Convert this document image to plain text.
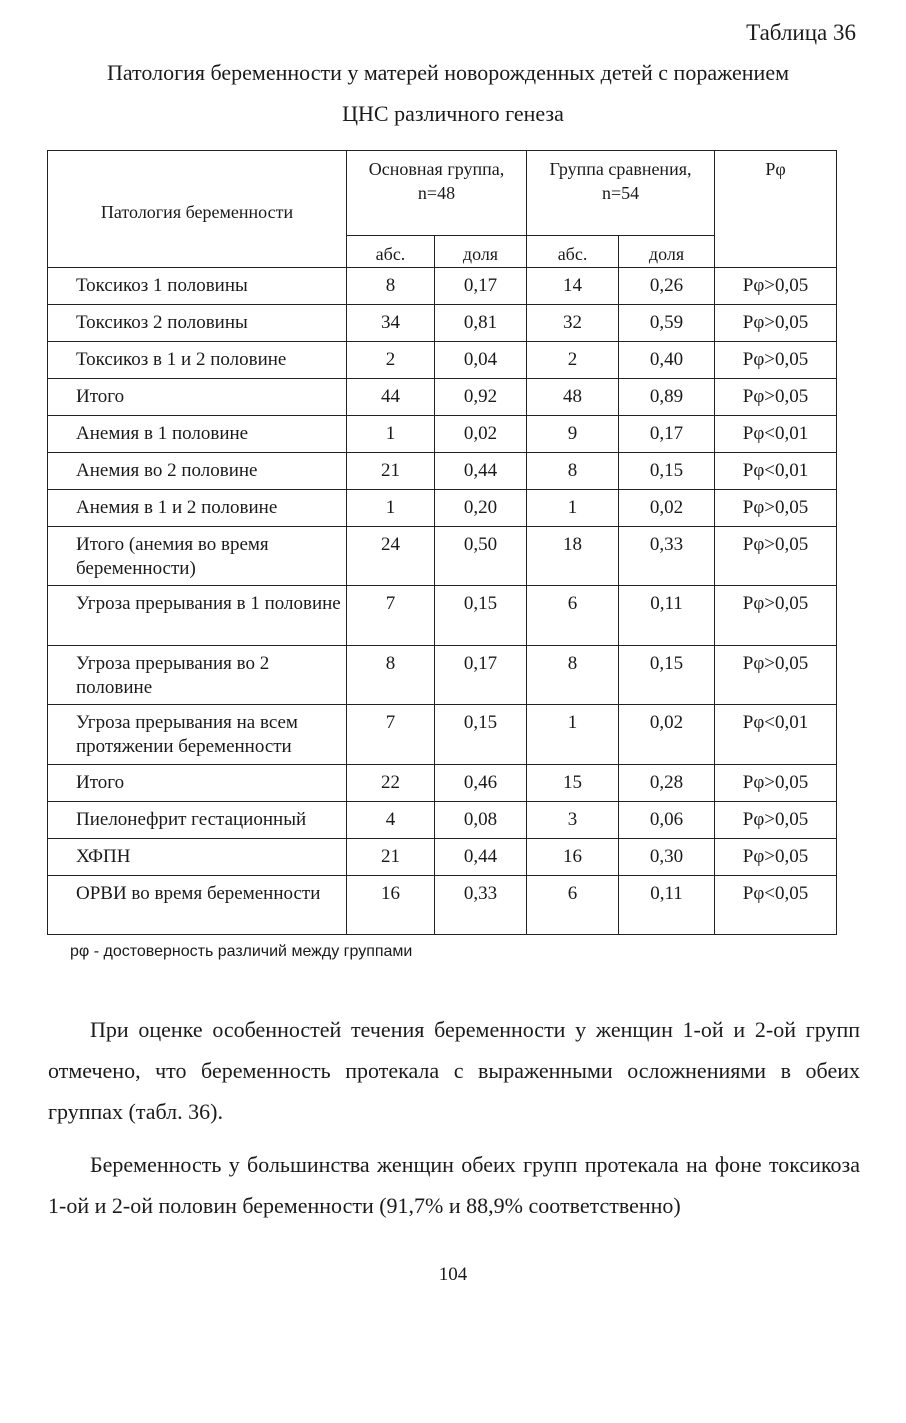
Таблица 36
Патология беременности у матерей новорожденных детей с поражением
ЦНС различного генеза
Патология беременности	Основная группа, n=48		Группа сравнения, n=54		Рφ
	абс.	доля	абс.	доля	
Токсикоз 1 половины	8	0,17	14	0,26	Рφ>0,05
Токсикоз 2 половины	34	0,81	32	0,59	Рφ>0,05
Токсикоз в 1 и 2 половине	2	0,04	2	0,40	Рφ>0,05
Итого	44	0,92	48	0,89	Рφ>0,05
Анемия в 1 половине	1	0,02	9	0,17	Рφ<0,01
Анемия во 2 половине	21	0,44	8	0,15	Рφ<0,01
Анемия в 1 и 2 половине	1	0,20	1	0,02	Рφ>0,05
Итого (анемия во время беременности)	24	0,50	18	0,33	Рφ>0,05
Угроза прерывания в 1 половине	7	0,15	6	0,11	Рφ>0,05
Угроза прерывания во 2 половине	8	0,17	8	0,15	Рφ>0,05
Угроза прерывания на всем протяжении беременности	7	0,15	1	0,02	Рφ<0,01
Итого	22	0,46	15	0,28	Рφ>0,05
Пиелонефрит гестационный	4	0,08	3	0,06	Рφ>0,05
ХФПН	21	0,44	16	0,30	Рφ>0,05
ОРВИ во время беременности	16	0,33	6	0,11	Рφ<0,05
рφ - достоверность различий между группами
При оценке особенностей течения беременности у женщин 1-ой и 2-ой групп отмечено, что беременность протекала с выраженными осложнениями в обеих группах (табл. 36).
Беременность у большинства женщин обеих групп протекала на фоне токсикоза 1-ой и 2-ой половин беременности (91,7% и 88,9% соответственно)
104
